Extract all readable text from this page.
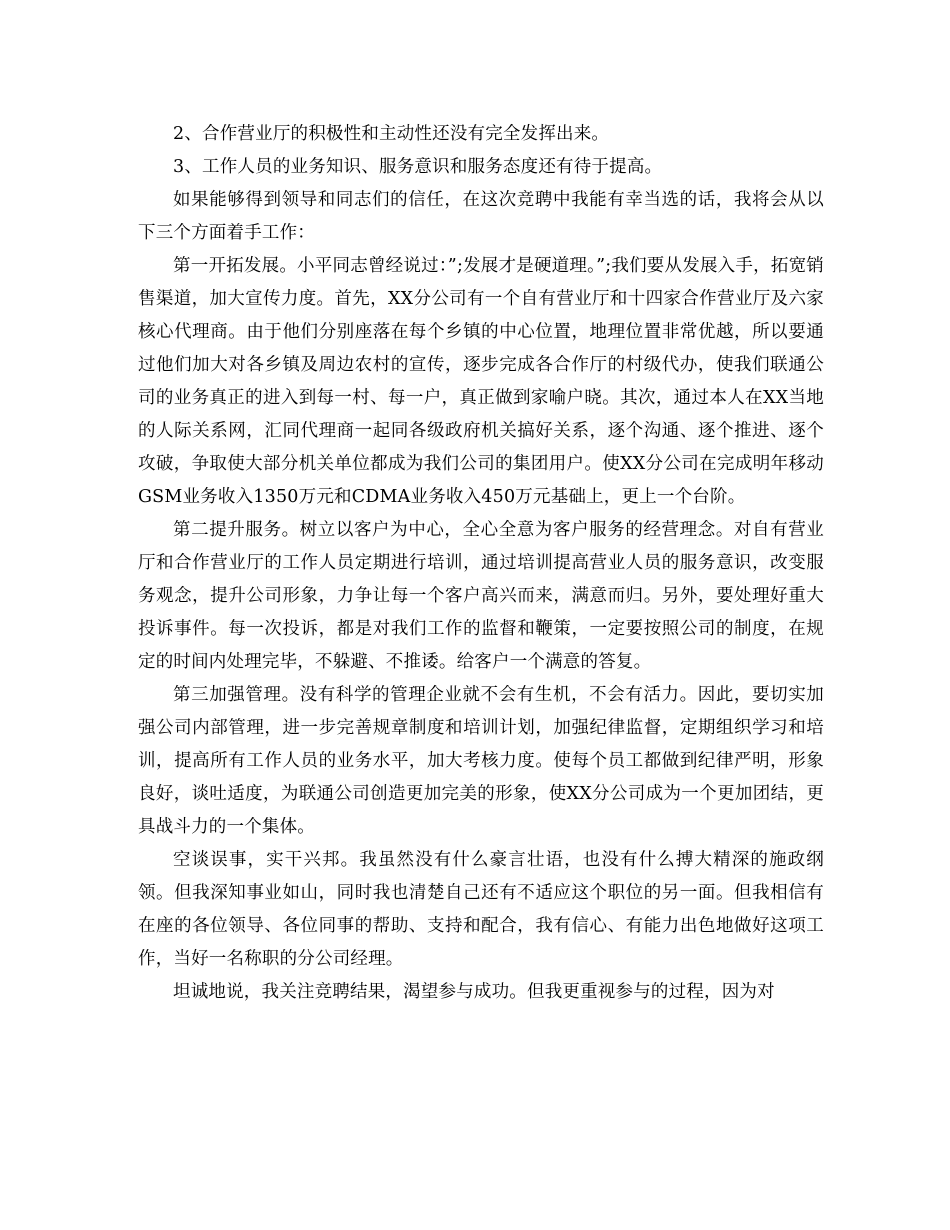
2、合作营业厅的积极性和主动性还没有完全发挥出来。

3、工作人员的业务知识、服务意识和服务态度还有待于提高。

如果能够得到领导和同志们的信任，在这次竞聘中我能有幸当选的话，我将会从以下三个方面着手工作：

第一开拓发展。小平同志曾经说过：”;发展才是硬道理。”;我们要从发展入手，拓宽销售渠道，加大宣传力度。首先，XX分公司有一个自有营业厅和十四家合作营业厅及六家核心代理商。由于他们分别座落在每个乡镇的中心位置，地理位置非常优越，所以要通过他们加大对各乡镇及周边农村的宣传，逐步完成各合作厅的村级代办，使我们联通公司的业务真正的进入到每一村、每一户，真正做到家喻户晓。其次，通过本人在XX当地的人际关系网，汇同代理商一起同各级政府机关搞好关系，逐个沟通、逐个推进、逐个攻破，争取使大部分机关单位都成为我们公司的集团用户。使XX分公司在完成明年移动GSM业务收入1350万元和CDMA业务收入450万元基础上，更上一个台阶。

第二提升服务。树立以客户为中心，全心全意为客户服务的经营理念。对自有营业厅和合作营业厅的工作人员定期进行培训，通过培训提高营业人员的服务意识，改变服务观念，提升公司形象，力争让每一个客户高兴而来，满意而归。另外，要处理好重大投诉事件。每一次投诉，都是对我们工作的监督和鞭策，一定要按照公司的制度，在规定的时间内处理完毕，不躲避、不推诿。给客户一个满意的答复。

第三加强管理。没有科学的管理企业就不会有生机，不会有活力。因此，要切实加强公司内部管理，进一步完善规章制度和培训计划，加强纪律监督，定期组织学习和培训，提高所有工作人员的业务水平，加大考核力度。使每个员工都做到纪律严明，形象良好，谈吐适度，为联通公司创造更加完美的形象，使XX分公司成为一个更加团结，更具战斗力的一个集体。

空谈误事，实干兴邦。我虽然没有什么豪言壮语，也没有什么搏大精深的施政纲领。但我深知事业如山，同时我也清楚自己还有不适应这个职位的另一面。但我相信有在座的各位领导、各位同事的帮助、支持和配合，我有信心、有能力出色地做好这项工作，当好一名称职的分公司经理。

坦诚地说，我关注竞聘结果，渴望参与成功。但我更重视参与的过程，因为对
